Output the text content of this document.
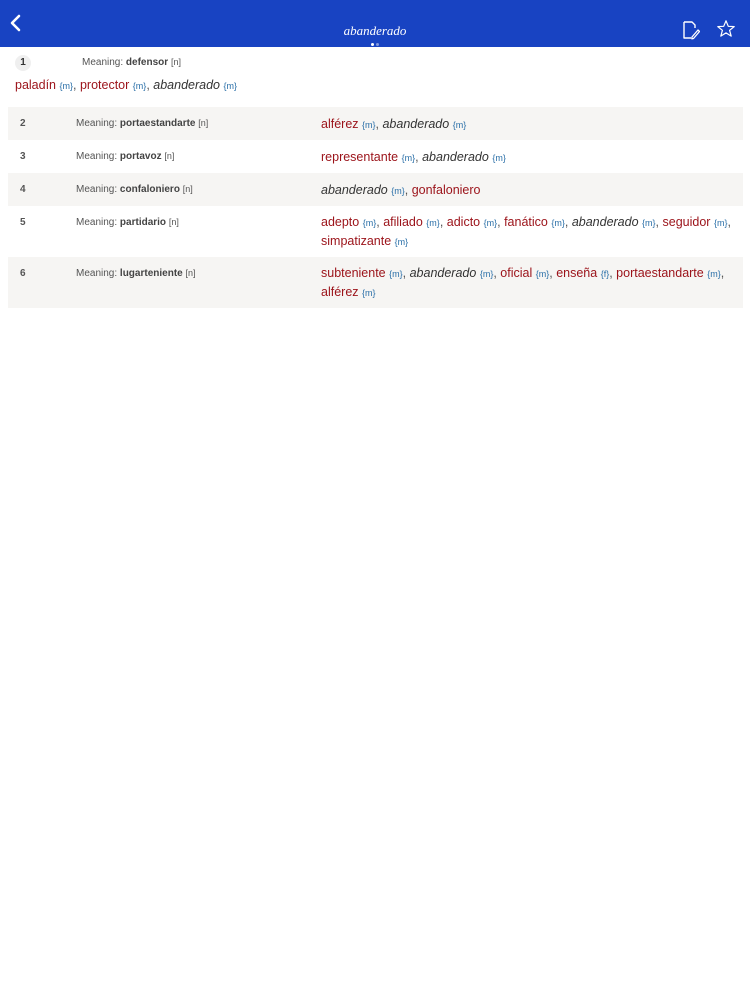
abanderado
1	Meaning: defensor [n]
paladín {m}, protector {m}, abanderado {m}
2	Meaning: portaestandarte [n]	alférez {m}, abanderado {m}
3	Meaning: portavoz [n]	representante {m}, abanderado {m}
4	Meaning: confaloniero [n]	abanderado {m}, gonfaloniero
5	Meaning: partidario [n]	adepto {m}, afiliado {m}, adicto {m}, fanático {m}, abanderado {m}, seguidor {m}, simpatizante {m}
6	Meaning: lugarteniente [n]	subteniente {m}, abanderado {m}, oficial {m}, enseña {f}, portaestandarte {m}, alférez {m}
